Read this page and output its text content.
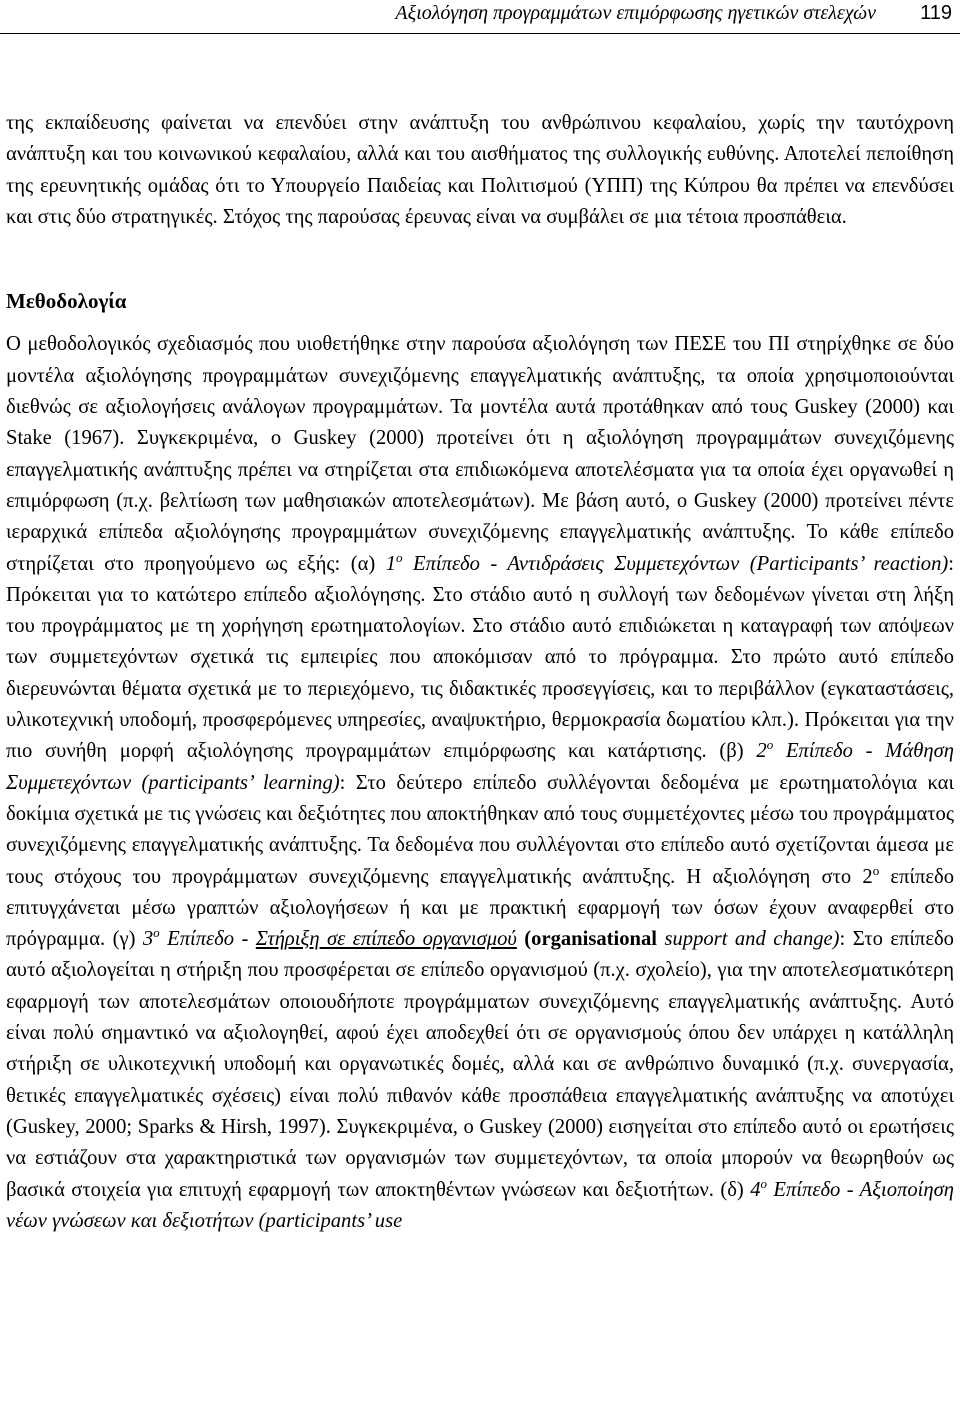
Αξιολόγηση προγραμμάτων επιμόρφωσης ηγετικών στελεχών 119

της εκπαίδευσης φαίνεται να επενδύει στην ανάπτυξη του ανθρώπινου κεφαλαίου, χωρίς την ταυτόχρονη ανάπτυξη και του κοινωνικού κεφαλαίου, αλλά και του αισθήματος της συλλογικής ευθύνης. Αποτελεί πεποίθηση της ερευνητικής ομάδας ότι το Υπουργείο Παιδείας και Πολιτισμού (ΥΠΠ) της Κύπρου θα πρέπει να επενδύσει και στις δύο στρατηγικές. Στόχος της παρούσας έρευνας είναι να συμβάλει σε μια τέτοια προσπάθεια.

Μεθοδολογία

Ο μεθοδολογικός σχεδιασμός που υιοθετήθηκε στην παρούσα αξιολόγηση των ΠΕΣΕ του ΠΙ στηρίχθηκε σε δύο μοντέλα αξιολόγησης προγραμμάτων συνεχιζόμενης επαγγελματικής ανάπτυξης, τα οποία χρησιμοποιούνται διεθνώς σε αξιολογήσεις ανάλογων προγραμμάτων. Τα μοντέλα αυτά προτάθηκαν από τους Guskey (2000) και Stake (1967). Συγκεκριμένα, ο Guskey (2000) προτείνει ότι η αξιολόγηση προγραμμάτων συνεχιζόμενης επαγγελματικής ανάπτυξης πρέπει να στηρίζεται στα επιδιωκόμενα αποτελέσματα για τα οποία έχει οργανωθεί η επιμόρφωση (π.χ. βελτίωση των μαθησιακών αποτελεσμάτων). Με βάση αυτό, ο Guskey (2000) προτείνει πέντε ιεραρχικά επίπεδα αξιολόγησης προγραμμάτων συνεχιζόμενης επαγγελματικής ανάπτυξης. Το κάθε επίπεδο στηρίζεται στο προηγούμενο ως εξής: (α) $1^o$ Επίπεδο - Αντιδράσεις Συμμετεχόντων (Participants’ reaction): Πρόκειται για το κατώτερο επίπεδο αξιολόγησης. Στο στάδιο αυτό η συλλογή των δεδομένων γίνεται στη λήξη του προγράμματος με τη χορήγηση ερωτηματολογίων. Στο στάδιο αυτό επιδιώκεται η καταγραφή των απόψεων των συμμετεχόντων σχετικά τις εμπειρίες που αποκόμισαν από το πρόγραμμα. Στο πρώτο αυτό επίπεδο διερευνώνται θέματα σχετικά με το περιεχόμενο, τις διδακτικές προσεγγίσεις, και το περιβάλλον (εγκαταστάσεις, υλικοτεχνική υποδομή, προσφερόμενες υπηρεσίες, αναψυκτήριο, θερμοκρασία δωματίου κλπ.). Πρόκειται για την πιο συνήθη μορφή αξιολόγησης προγραμμάτων επιμόρφωσης και κατάρτισης. (β) $2^o$ Επίπεδο - Μάθηση Συμμετεχόντων (participants’ learning): Στο δεύτερο επίπεδο συλλέγονται δεδομένα με ερωτηματολόγια και δοκίμια σχετικά με τις γνώσεις και δεξιότητες που αποκτήθηκαν από τους συμμετέχοντες μέσω του προγράμματος συνεχιζόμενης επαγγελματικής ανάπτυξης. Τα δεδομένα που συλλέγονται στο επίπεδο αυτό σχετίζονται άμεσα με τους στόχους του προγράμματων συνεχιζόμενης επαγγελματικής ανάπτυξης. Η αξιολόγηση στο $2^o$ επίπεδο επιτυγχάνεται μέσω γραπτών αξιολογήσεων ή και με πρακτική εφαρμογή των όσων έχουν αναφερθεί στο πρόγραμμα. (γ) $3^o$ Επίπεδο - Στήριξη σε επίπεδο οργανισμού (organisational support and change): Στο επίπεδο αυτό αξιολογείται η στήριξη που προσφέρεται σε επίπεδο οργανισμού (π.χ. σχολείο), για την αποτελεσματικότερη εφαρμογή των αποτελεσμάτων οποιουδήποτε προγράμματων συνεχιζόμενης επαγγελματικής ανάπτυξης. Αυτό είναι πολύ σημαντικό να αξιολογηθεί, αφού έχει αποδεχθεί ότι σε οργανισμούς όπου δεν υπάρχει η κατάλληλη στήριξη σε υλικοτεχνική υποδομή και οργανωτικές δομές, αλλά και σε ανθρώπινο δυναμικό (π.χ. συνεργασία, θετικές επαγγελματικές σχέσεις) είναι πολύ πιθανόν κάθε προσπάθεια επαγγελματικής ανάπτυξης να αποτύχει (Guskey, 2000; Sparks & Hirsh, 1997). Συγκεκριμένα, ο Guskey (2000) εισηγείται στο επίπεδο αυτό οι ερωτήσεις να εστιάζουν στα χαρακτηριστικά των οργανισμών των συμμετεχόντων, τα οποία μπορούν να θεωρηθούν ως βασικά στοιχεία για επιτυχή εφαρμογή των αποκτηθέντων γνώσεων και δεξιοτήτων. (δ) $4^o$ Επίπεδο - Αξιοποίηση νέων γνώσεων και δεξιοτήτων (participants’ use
